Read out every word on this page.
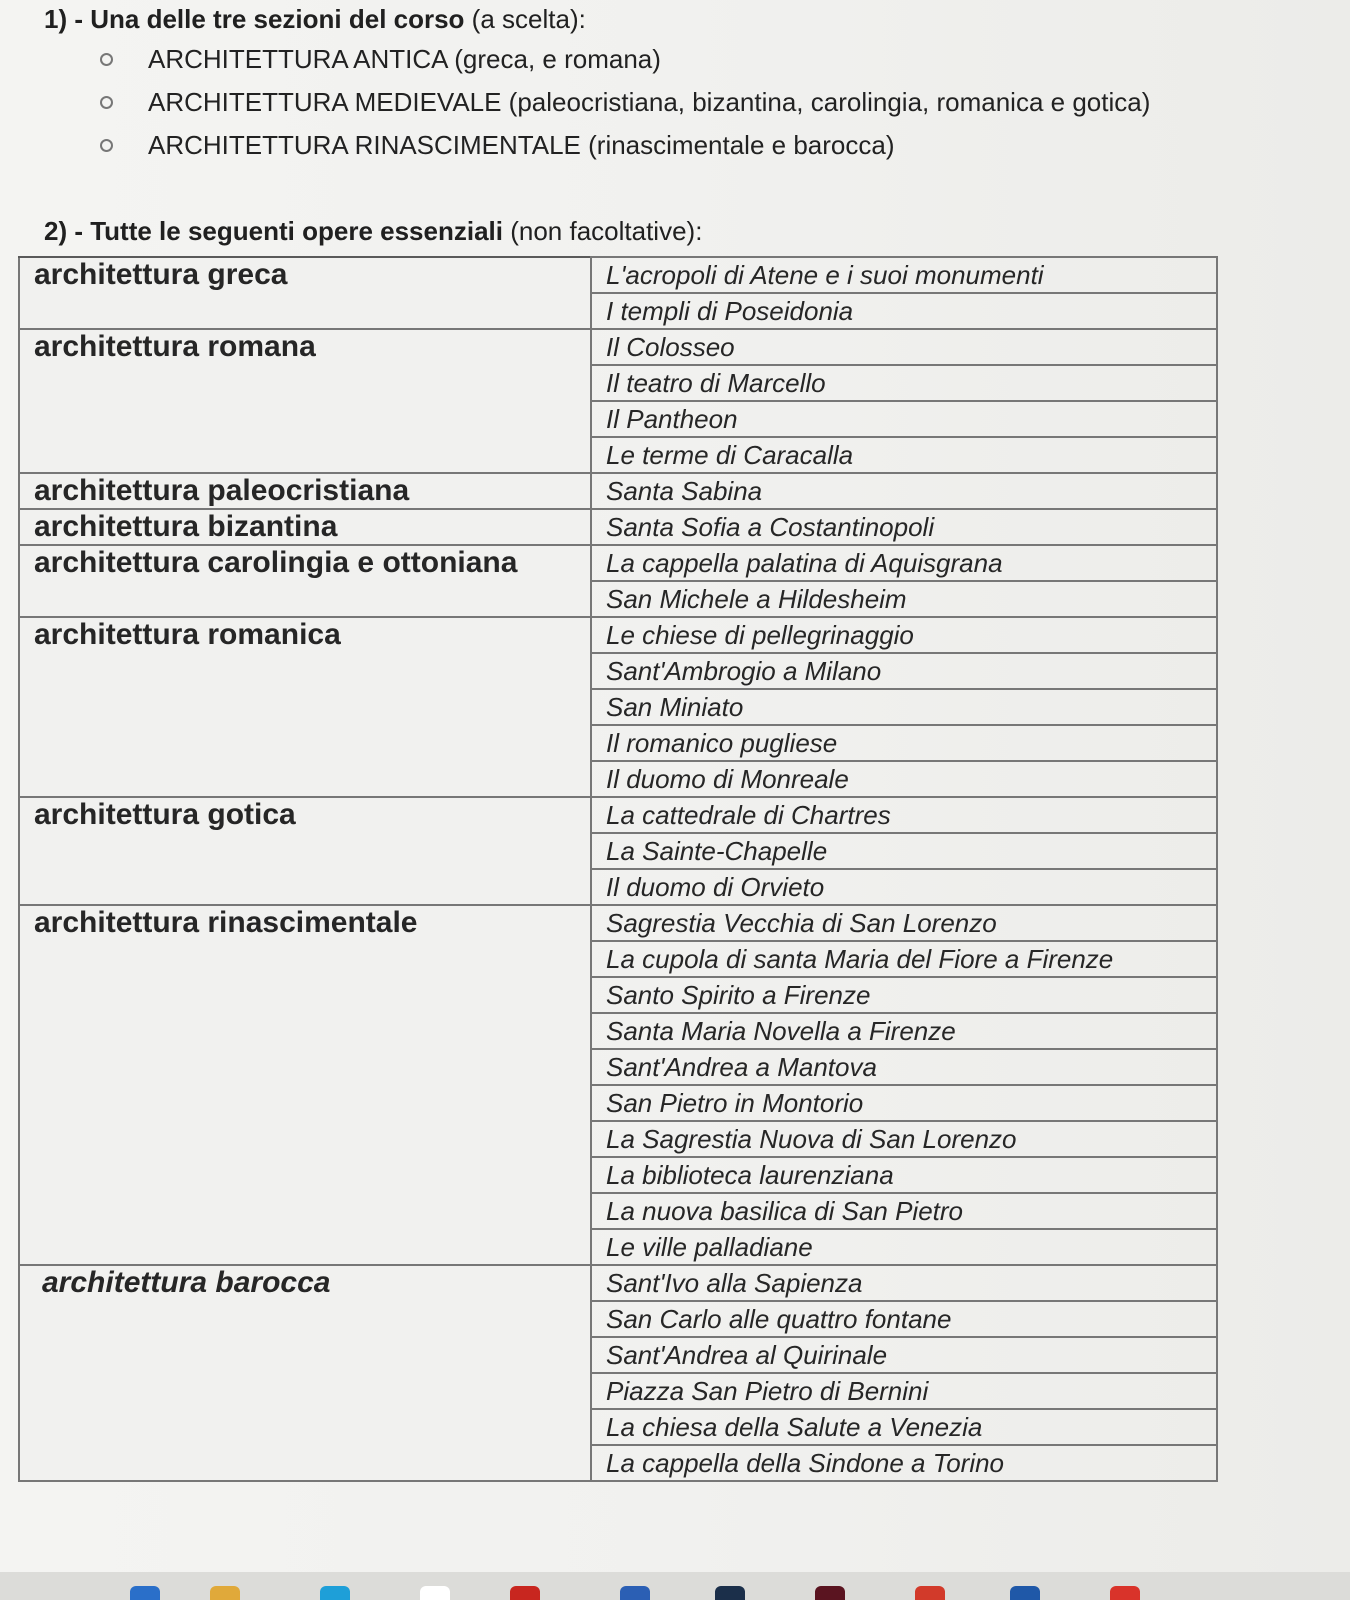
1) - Una delle tre sezioni del corso (a scelta):
ARCHITETTURA ANTICA (greca, e romana)
ARCHITETTURA MEDIEVALE (paleocristiana, bizantina, carolingia, romanica e gotica)
ARCHITETTURA RINASCIMENTALE (rinascimentale e barocca)
2) - Tutte le seguenti opere essenziali (non facoltative):
architettura greca	L'acropoli di Atene e i suoi monumenti
	I templi di Poseidonia
architettura romana	Il Colosseo
	Il teatro di Marcello
	Il Pantheon
	Le terme di Caracalla
architettura paleocristiana	Santa Sabina
architettura bizantina	Santa Sofia a Costantinopoli
architettura carolingia e ottoniana	La cappella palatina di Aquisgrana
	San Michele a Hildesheim
architettura romanica	Le chiese di pellegrinaggio
	Sant'Ambrogio a Milano
	San Miniato
	Il romanico pugliese
	Il duomo di Monreale
architettura gotica	La cattedrale di Chartres
	La Sainte-Chapelle
	Il duomo di Orvieto
architettura rinascimentale	Sagrestia Vecchia di San Lorenzo
	La cupola di santa Maria del Fiore a Firenze
	Santo Spirito a Firenze
	Santa Maria Novella a Firenze
	Sant'Andrea a Mantova
	San Pietro in Montorio
	La Sagrestia Nuova di San Lorenzo
	La biblioteca laurenziana
	La nuova basilica di San Pietro
	Le ville palladiane
architettura barocca	Sant'Ivo alla Sapienza
	San Carlo alle quattro fontane
	Sant'Andrea al Quirinale
	Piazza San Pietro di Bernini
	La chiesa della Salute a Venezia
	La cappella della Sindone a Torino
